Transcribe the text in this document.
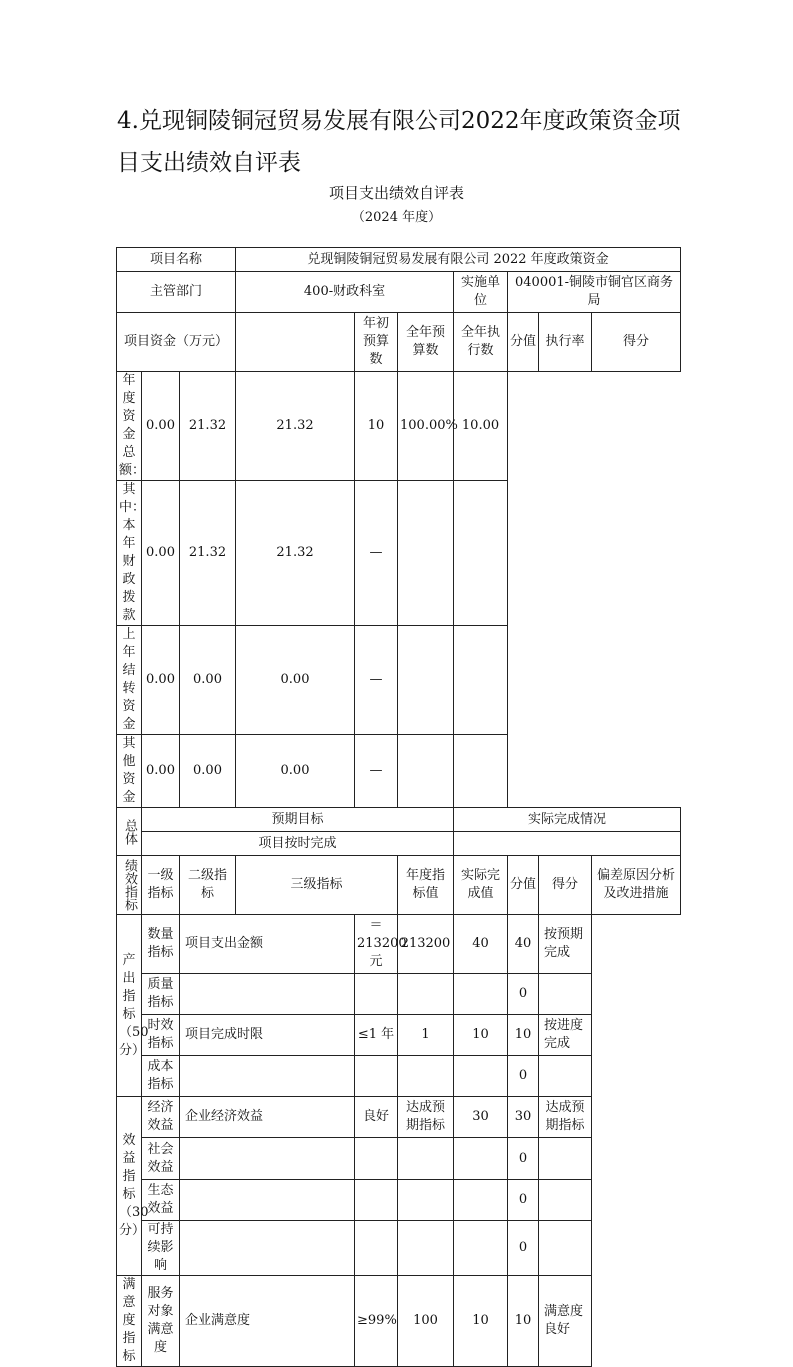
4.兑现铜陵铜冠贸易发展有限公司2022年度政策资金项目支出绩效自评表
项目支出绩效自评表
（2024 年度）
项目名称			兑现铜陵铜冠贸易发展有限公司 2022 年度政策资金						
主管部门			400-财政科室			实施单位	040001-铜陵市铜官区商务局		
项目资金（万元）				年初预算数	全年预算数	全年执行数	分值	执行率	得分
年度资金总额：	0.00	21.32	21.32	10	100.00%	10.00			
其中：本年财政拨款	0.00	21.32	21.32	—					
上年结转资金	0.00	0.00	0.00	—					
其他资金	0.00	0.00	0.00	—					
总体	预期目标					实际完成情况			
	项目按时完成								
绩效指标	一级指标	二级指标	三级指标		年度指标值	实际完成值	分值	得分	偏差原因分析及改进措施
产出指标（50分）	数量指标	项目支出金额		＝213200元	213200	40	40	按预期完成	
	质量指标						0		
	时效指标	项目完成时限		≤1 年	1	10	10	按进度完成	
	成本指标						0		
效益指标（30分）	经济效益	企业经济效益		良好	达成预期指标	30	30	达成预期指标	
	社会效益						0		
	生态效益						0		
	可持续影响						0		
满意度指标	服务对象满意度	企业满意度		≥99%	100	10	10	满意度良好	
